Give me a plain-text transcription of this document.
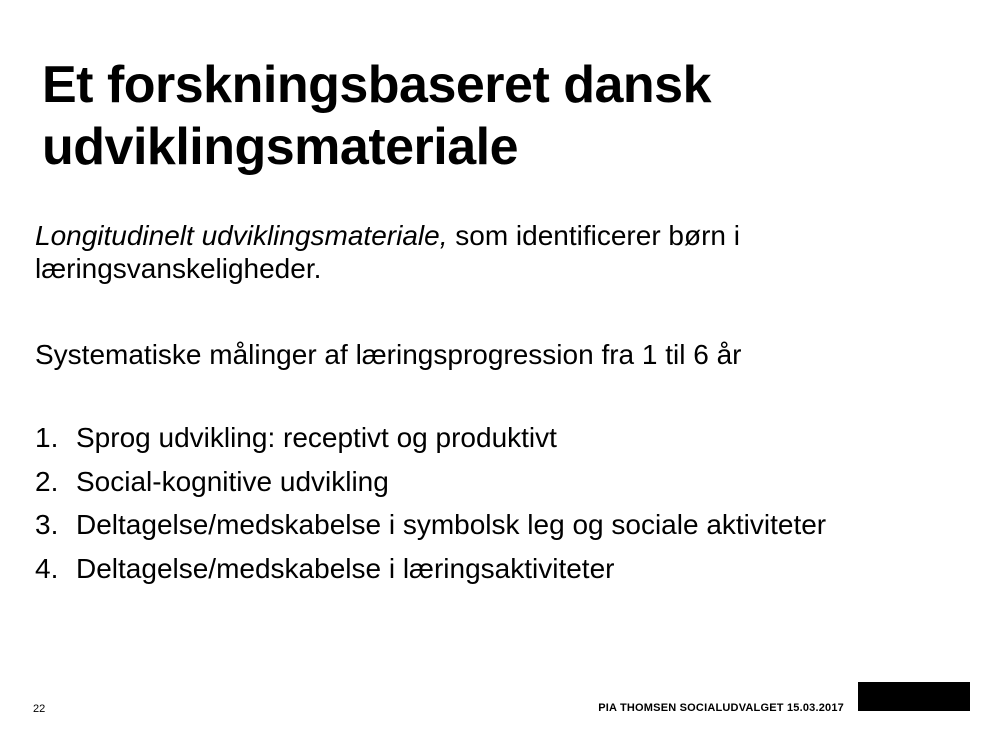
Et forskningsbaseret dansk
udviklingsmateriale

Longitudinelt udviklingsmateriale, som identificerer børn i
læringsvanskeligheder.

Systematiske målinger af læringsprogression fra 1 til 6 år

1. Sprog udvikling: receptivt og produktivt
2. Social-kognitive udvikling
3. Deltagelse/medskabelse i symbolsk leg og sociale aktiviteter
4. Deltagelse/medskabelse i læringsaktiviteter
22	PIA THOMSEN SOCIALUDVALGET 15.03.2017
